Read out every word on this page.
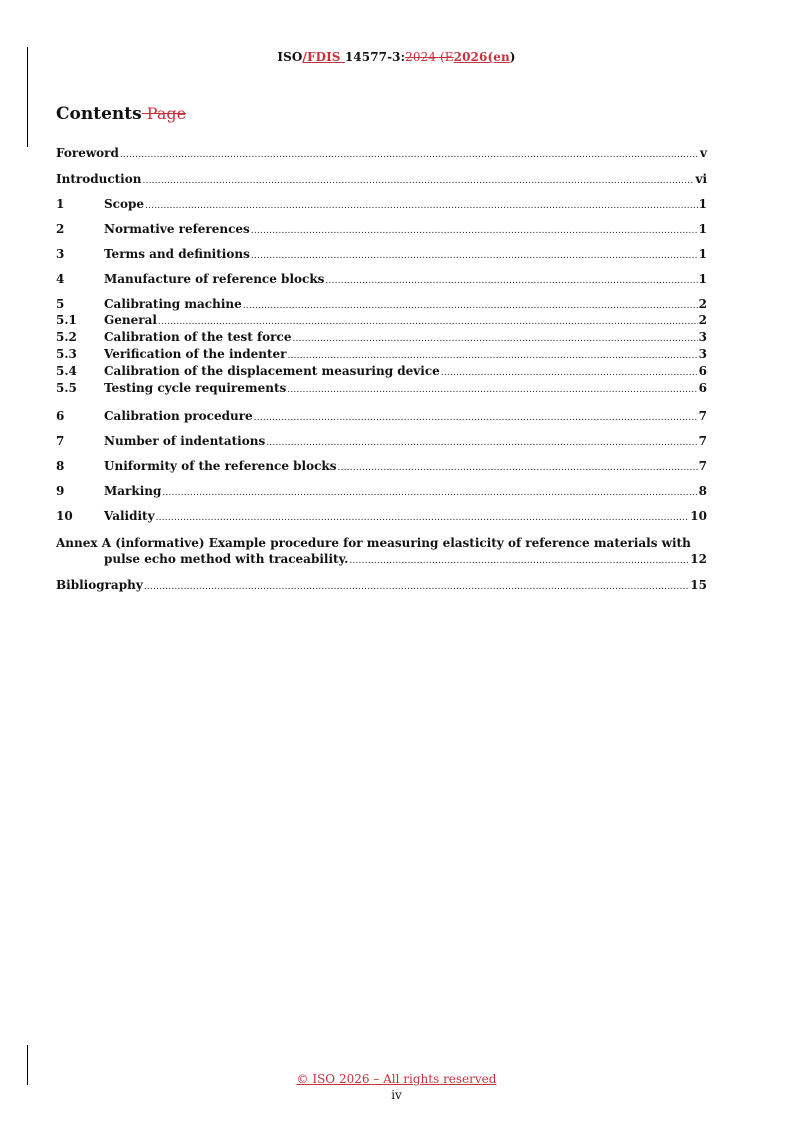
ISO/FDIS 14577-3:2024 (E2026(en)
Contents Page
Foreword .....	v
Introduction .....	vi
1	Scope .....	1
2	Normative references .....	1
3	Terms and definitions .....	1
4	Manufacture of reference blocks .....	1
5	Calibrating machine .....	2
5.1	General .....	2
5.2	Calibration of the test force .....	3
5.3	Verification of the indenter .....	3
5.4	Calibration of the displacement measuring device .....	6
5.5	Testing cycle requirements .....	6
6	Calibration procedure .....	7
7	Number of indentations .....	7
8	Uniformity of the reference blocks .....	7
9	Marking .....	8
10	Validity .....	10
Annex A (informative) Example procedure for measuring elasticity of reference materials with
pulse echo method with traceability. .....	12
Bibliography .....	15
© ISO 2026 – All rights reserved
iv
